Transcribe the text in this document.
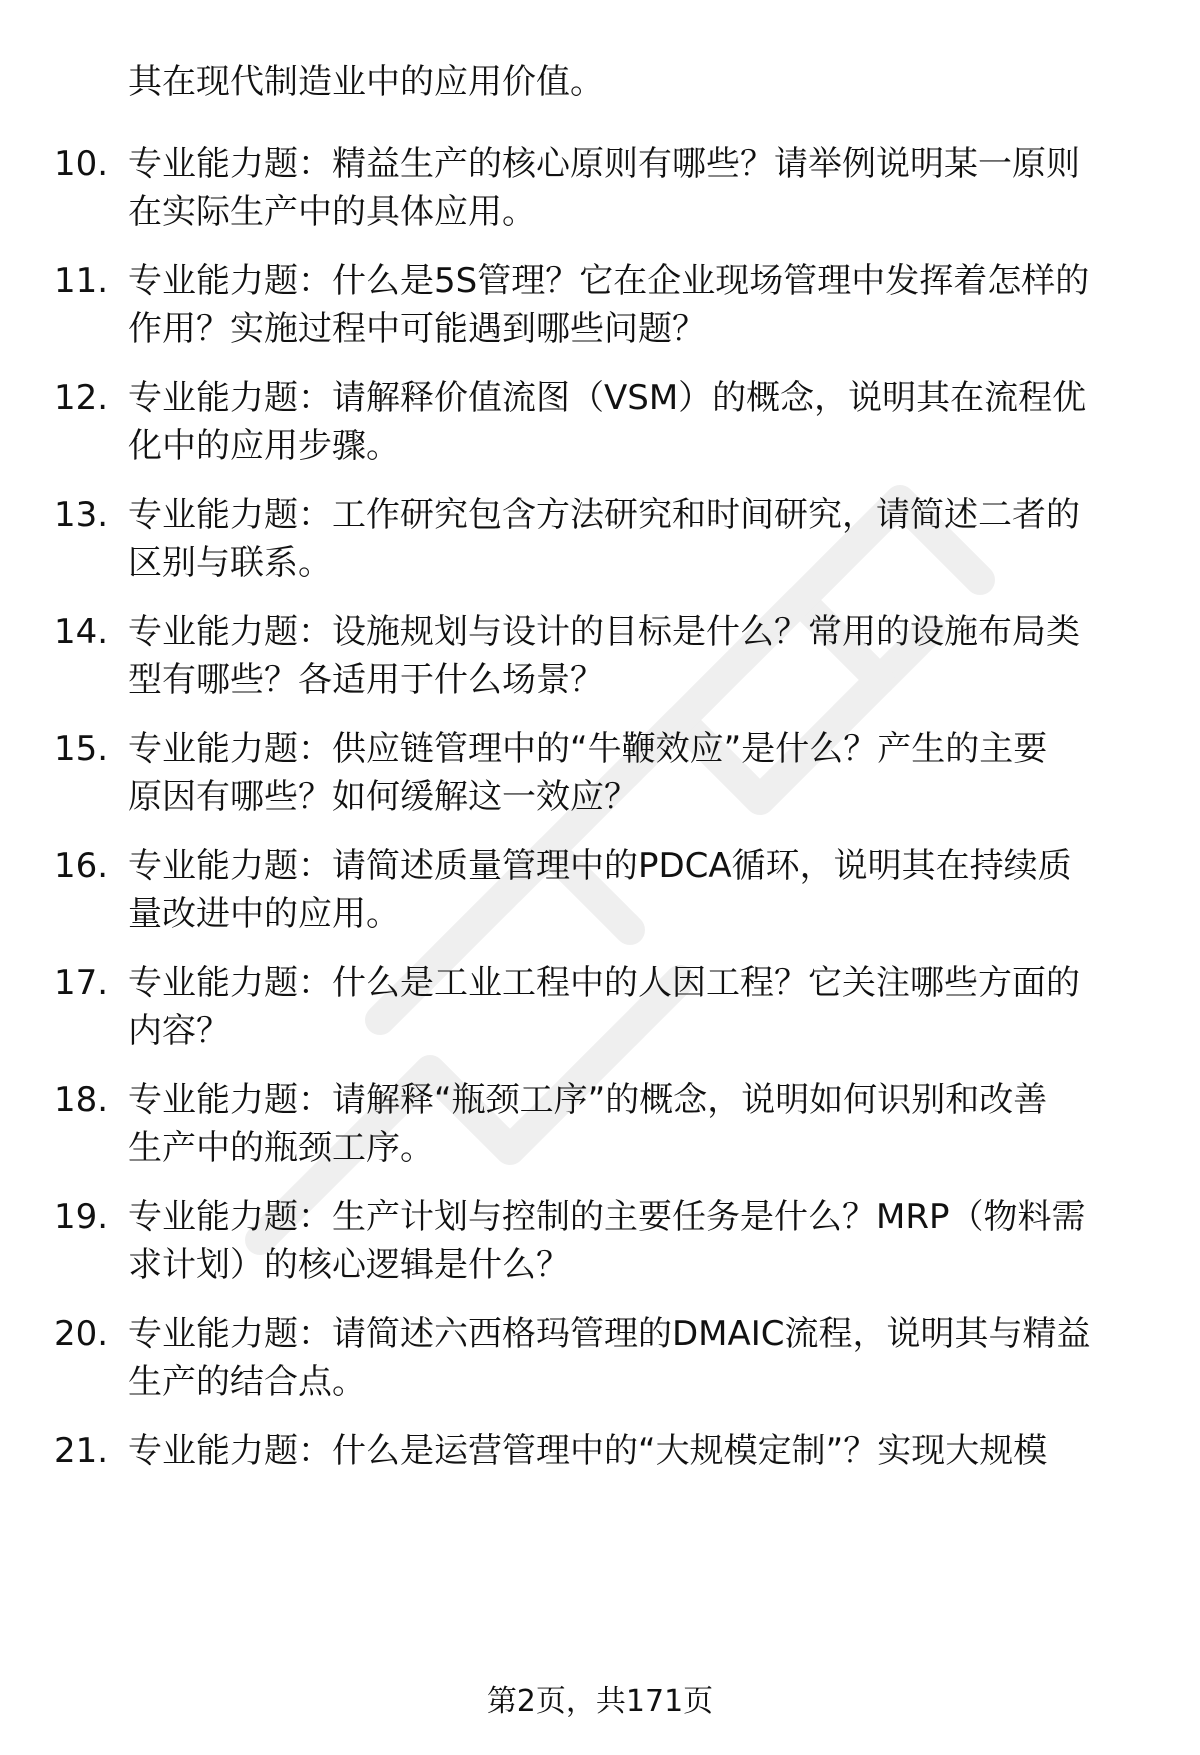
其在现代制造业中的应用价值。
10. 专业能力题：精益生产的核心原则有哪些？请举例说明某一原则
在实际生产中的具体应用。
11. 专业能力题：什么是5S管理？它在企业现场管理中发挥着怎样的
作用？实施过程中可能遇到哪些问题？
12. 专业能力题：请解释价值流图（VSM）的概念，说明其在流程优
化中的应用步骤。
13. 专业能力题：工作研究包含方法研究和时间研究，请简述二者的
区别与联系。
14. 专业能力题：设施规划与设计的目标是什么？常用的设施布局类
型有哪些？各适用于什么场景？
15. 专业能力题：供应链管理中的“牛鞭效应”是什么？产生的主要
原因有哪些？如何缓解这一效应？
16. 专业能力题：请简述质量管理中的PDCA循环，说明其在持续质
量改进中的应用。
17. 专业能力题：什么是工业工程中的人因工程？它关注哪些方面的
内容？
18. 专业能力题：请解释“瓶颈工序”的概念，说明如何识别和改善
生产中的瓶颈工序。
19. 专业能力题：生产计划与控制的主要任务是什么？MRP（物料需
求计划）的核心逻辑是什么？
20. 专业能力题：请简述六西格玛管理的DMAIC流程，说明其与精益
生产的结合点。
21. 专业能力题：什么是运营管理中的“大规模定制”？实现大规模
第2页，共171页
